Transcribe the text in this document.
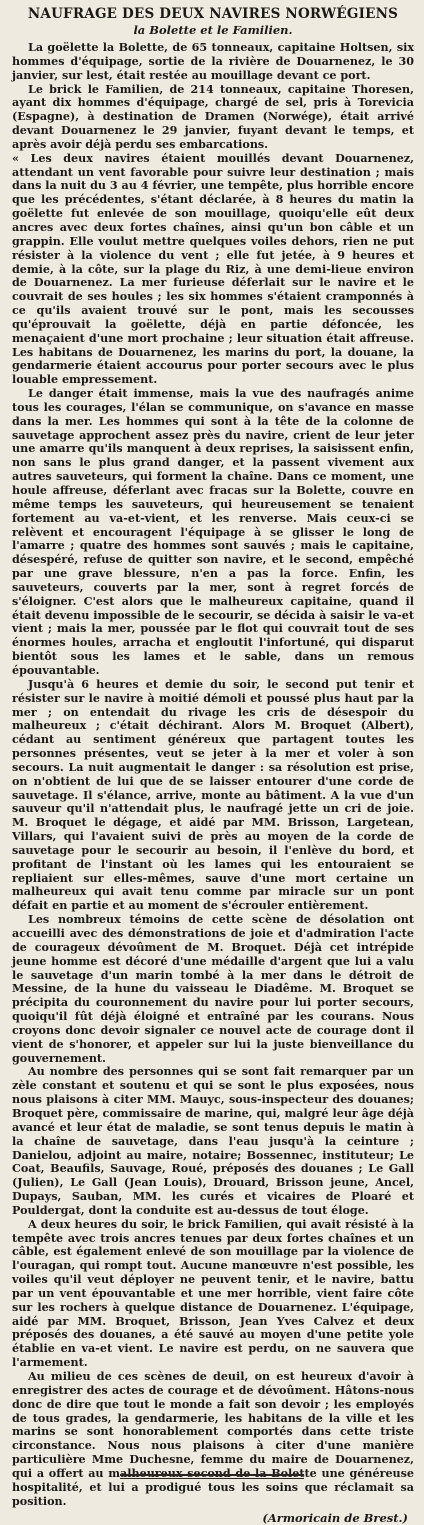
NAUFRAGE DES DEUX NAVIRES NORWÉGIENS
la Bolette et le Familien.

La goëlette la Bolette, de 65 tonneaux, capitaine Holtsen, six hommes d'équipage, sortie de la rivière de Douarnenez, le 30 janvier, sur lest, était restée au mouillage devant ce port.

Le brick le Familien, de 214 tonneaux, capitaine Thoresen, ayant dix hommes d'équipage, chargé de sel, pris à Torevicia (Espagne), à destination de Dramen (Norwége), était arrivé devant Douarnenez le 29 janvier, fuyant devant le temps, et après avoir déjà perdu ses embarcations.

« Les deux navires étaient mouillés devant Douarnenez, attendant un vent favorable pour suivre leur destination ; mais dans la nuit du 3 au 4 février, une tempête, plus horrible encore que les précédentes, s'étant déclarée, à 8 heures du matin la goëlette fut enlevée de son mouillage, quoiqu'elle eût deux ancres avec deux fortes chaînes, ainsi qu'un bon câble et un grappin. Elle voulut mettre quelques voiles dehors, rien ne put résister à la violence du vent ; elle fut jetée, à 9 heures et demie, à la côte, sur la plage du Riz, à une demi-lieue environ de Douarnenez. La mer furieuse déferlait sur le navire et le couvrait de ses houles ; les six hommes s'étaient cramponnés à ce qu'ils avaient trouvé sur le pont, mais les secousses qu'éprouvait la goëlette, déjà en partie défoncée, les menaçaient d'une mort prochaine ; leur situation était affreuse. Les habitans de Douarnenez, les marins du port, la douane, la gendarmerie étaient accourus pour porter secours avec le plus louable empressement.

Le danger était immense, mais la vue des naufragés anime tous les courages, l'élan se communique, on s'avance en masse dans la mer. Les hommes qui sont à la tête de la colonne de sauvetage approchent assez près du navire, crient de leur jeter une amarre qu'ils manquent à deux reprises, la saisissent enfin, non sans le plus grand danger, et la passent vivement aux autres sauveteurs, qui forment la chaîne. Dans ce moment, une houle affreuse, déferlant avec fracas sur la Bolette, couvre en même temps les sauveteurs, qui heureusement se tenaient fortement au va-et-vient, et les renverse. Mais ceux-ci se relèvent et encouragent l'équipage à se glisser le long de l'amarre ; quatre des hommes sont sauvés ; mais le capitaine, désespéré, refuse de quitter son navire, et le second, empêché par une grave blessure, n'en a pas la force. Enfin, les sauveteurs, couverts par la mer, sont à regret forcés de s'éloigner. C'est alors que le malheureux capitaine, quand il était devenu impossible de le secourir, se décida à saisir le va-et vient ; mais la mer, poussée par le flot qui couvrait tout de ses énormes houles, arracha et engloutit l'infortuné, qui disparut bientôt sous les lames et le sable, dans un remous épouvantable.

Jusqu'à 6 heures et demie du soir, le second put tenir et résister sur le navire à moitié démoli et poussé plus haut par la mer ; on entendait du rivage les cris de désespoir du malheureux ; c'était déchirant. Alors M. Broquet (Albert), cédant au sentiment généreux que partagent toutes les personnes présentes, veut se jeter à la mer et voler à son secours. La nuit augmentait le danger : sa résolution est prise, on n'obtient de lui que de se laisser entourer d'une corde de sauvetage. Il s'élance, arrive, monte au bâtiment. A la vue d'un sauveur qu'il n'attendait plus, le naufragé jette un cri de joie. M. Broquet le dégage, et aidé par MM. Brisson, Largetean, Villars, qui l'avaient suivi de près au moyen de la corde de sauvetage pour le secourir au besoin, il l'enlève du bord, et profitant de l'instant où les lames qui les entouraient se repliaient sur elles-mêmes, sauve d'une mort certaine un malheureux qui avait tenu comme par miracle sur un pont défait en partie et au moment de s'écrouler entièrement.

Les nombreux témoins de cette scène de désolation ont accueilli avec des démonstrations de joie et d'admiration l'acte de courageux dévoûment de M. Broquet. Déjà cet intrépide jeune homme est décoré d'une médaille d'argent que lui a valu le sauvetage d'un marin tombé à la mer dans le détroit de Messine, de la hune du vaisseau le Diadême. M. Broquet se précipita du couronnement du navire pour lui porter secours, quoiqu'il fût déjà éloigné et entraîné par les courans. Nous croyons donc devoir signaler ce nouvel acte de courage dont il vient de s'honorer, et appeler sur lui la juste bienveillance du gouvernement.

Au nombre des personnes qui se sont fait remarquer par un zèle constant et soutenu et qui se sont le plus exposées, nous nous plaisons à citer MM. Mauyc, sous-inspecteur des douanes; Broquet père, commissaire de marine, qui, malgré leur âge déjà avancé et leur état de maladie, se sont tenus depuis le matin à la chaîne de sauvetage, dans l'eau jusqu'à la ceinture ; Danielou, adjoint au maire, notaire; Bossennec, instituteur; Le Coat, Beaufils, Sauvage, Roué, préposés des douanes ; Le Gall (Julien), Le Gall (Jean Louis), Drouard, Brisson jeune, Ancel, Dupays, Sauban, MM. les curés et vicaires de Ploaré et Pouldergat, dont la conduite est au-dessus de tout éloge.

A deux heures du soir, le brick Familien, qui avait résisté à la tempête avec trois ancres tenues par deux fortes chaînes et un câble, est également enlevé de son mouillage par la violence de l'ouragan, qui rompt tout. Aucune manœuvre n'est possible, les voiles qu'il veut déployer ne peuvent tenir, et le navire, battu par un vent épouvantable et une mer horrible, vient faire côte sur les rochers à quelque distance de Douarnenez. L'équipage, aidé par MM. Broquet, Brisson, Jean Yves Calvez et deux préposés des douanes, a été sauvé au moyen d'une petite yole établie en va-et vient. Le navire est perdu, on ne sauvera que l'armement.

Au milieu de ces scènes de deuil, on est heureux d'avoir à enregistrer des actes de courage et de dévoûment. Hâtons-nous donc de dire que tout le monde a fait son devoir ; les employés de tous grades, la gendarmerie, les habitans de la ville et les marins se sont honorablement comportés dans cette triste circonstance. Nous nous plaisons à citer d'une manière particulière Mme Duchesne, femme du maire de Douarnenez, qui a offert au malheureux second de la Bolette une généreuse hospitalité, et lui a prodigué tous les soins que réclamait sa position.

(Armoricain de Brest.)
